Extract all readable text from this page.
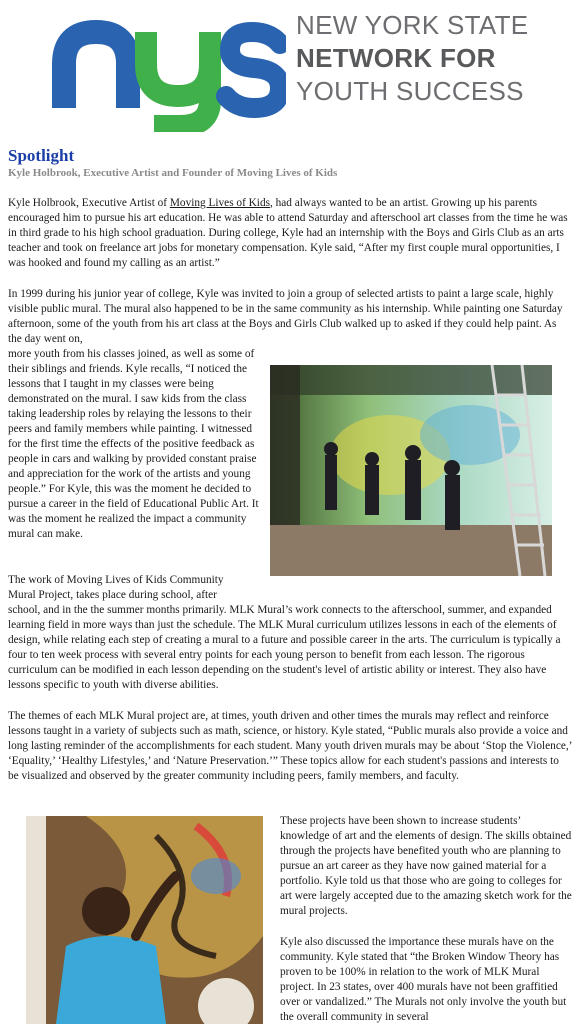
NEW YORK STATE
NETWORK FOR
YOUTH SUCCESS
Spotlight
Kyle Holbrook, Executive Artist and Founder of Moving Lives of Kids

Kyle Holbrook, Executive Artist of Moving Lives of Kids, had always wanted to be an artist. Growing up his parents encouraged him to pursue his art education. He was able to attend Saturday and afterschool art classes from the time he was in third grade to his high school graduation. During college, Kyle had an internship with the Boys and Girls Club as an arts teacher and took on freelance art jobs for monetary compensation. Kyle said, “After my first couple mural opportunities, I was hooked and found my calling as an artist.”

In 1999 during his junior year of college, Kyle was invited to join a group of selected artists to paint a large scale, highly visible public mural. The mural also happened to be in the same community as his internship. While painting one Saturday afternoon, some of the youth from his art class at the Boys and Girls Club walked up to asked if they could help paint. As the day went on,

more youth from his classes joined, as well as some of their siblings and friends. Kyle recalls, “I noticed the lessons that I taught in my classes were being demonstrated on the mural. I saw kids from the class taking leadership roles by relaying the lessons to their peers and family members while painting. I witnessed for the first time the effects of the positive feedback as people in cars and walking by provided constant praise and appreciation for the work of the artists and young people.” For Kyle, this was the moment he decided to pursue a career in the field of Educational Public Art. It was the moment he realized the impact a community mural can make.

The work of Moving Lives of Kids Community Mural Project, takes place during school, after

school, and in the the summer months primarily. MLK Mural’s work connects to the afterschool, summer, and expanded learning field in more ways than just the schedule. The MLK Mural curriculum utilizes lessons in each of the elements of design, while relating each step of creating a mural to a future and possible career in the arts. The curriculum is typically a four to ten week process with several entry points for each young person to benefit from each lesson. The rigorous curriculum can be modified in each lesson depending on the student's level of artistic ability or interest. They also have lessons specific to youth with diverse abilities.

The themes of each MLK Mural project are, at times, youth driven and other times the murals may reflect and reinforce lessons taught in a variety of subjects such as math, science, or history. Kyle stated, “Public murals also provide a voice and long lasting reminder of the accomplishments for each student. Many youth driven murals may be about ‘Stop the Violence,’ ‘Equality,’ ‘Healthy Lifestyles,’ and ‘Nature Preservation.’” These topics allow for each student's passions and interests to be visualized and observed by the greater community including peers, family members, and faculty.

These projects have been shown to increase students’ knowledge of art and the elements of design. The skills obtained through the projects have benefited youth who are planning to pursue an art career as they have now gained material for a portfolio. Kyle told us that those who are going to colleges for art were largely accepted due to the amazing sketch work for the mural projects.

Kyle also discussed the importance these murals have on the community. Kyle stated that “the Broken Window Theory has proven to be 100% in relation to the work of MLK Mural project. In 23 states, over 400 murals have not been graffitied over or vandalized.” The Murals not only involve the youth but the overall community in several
